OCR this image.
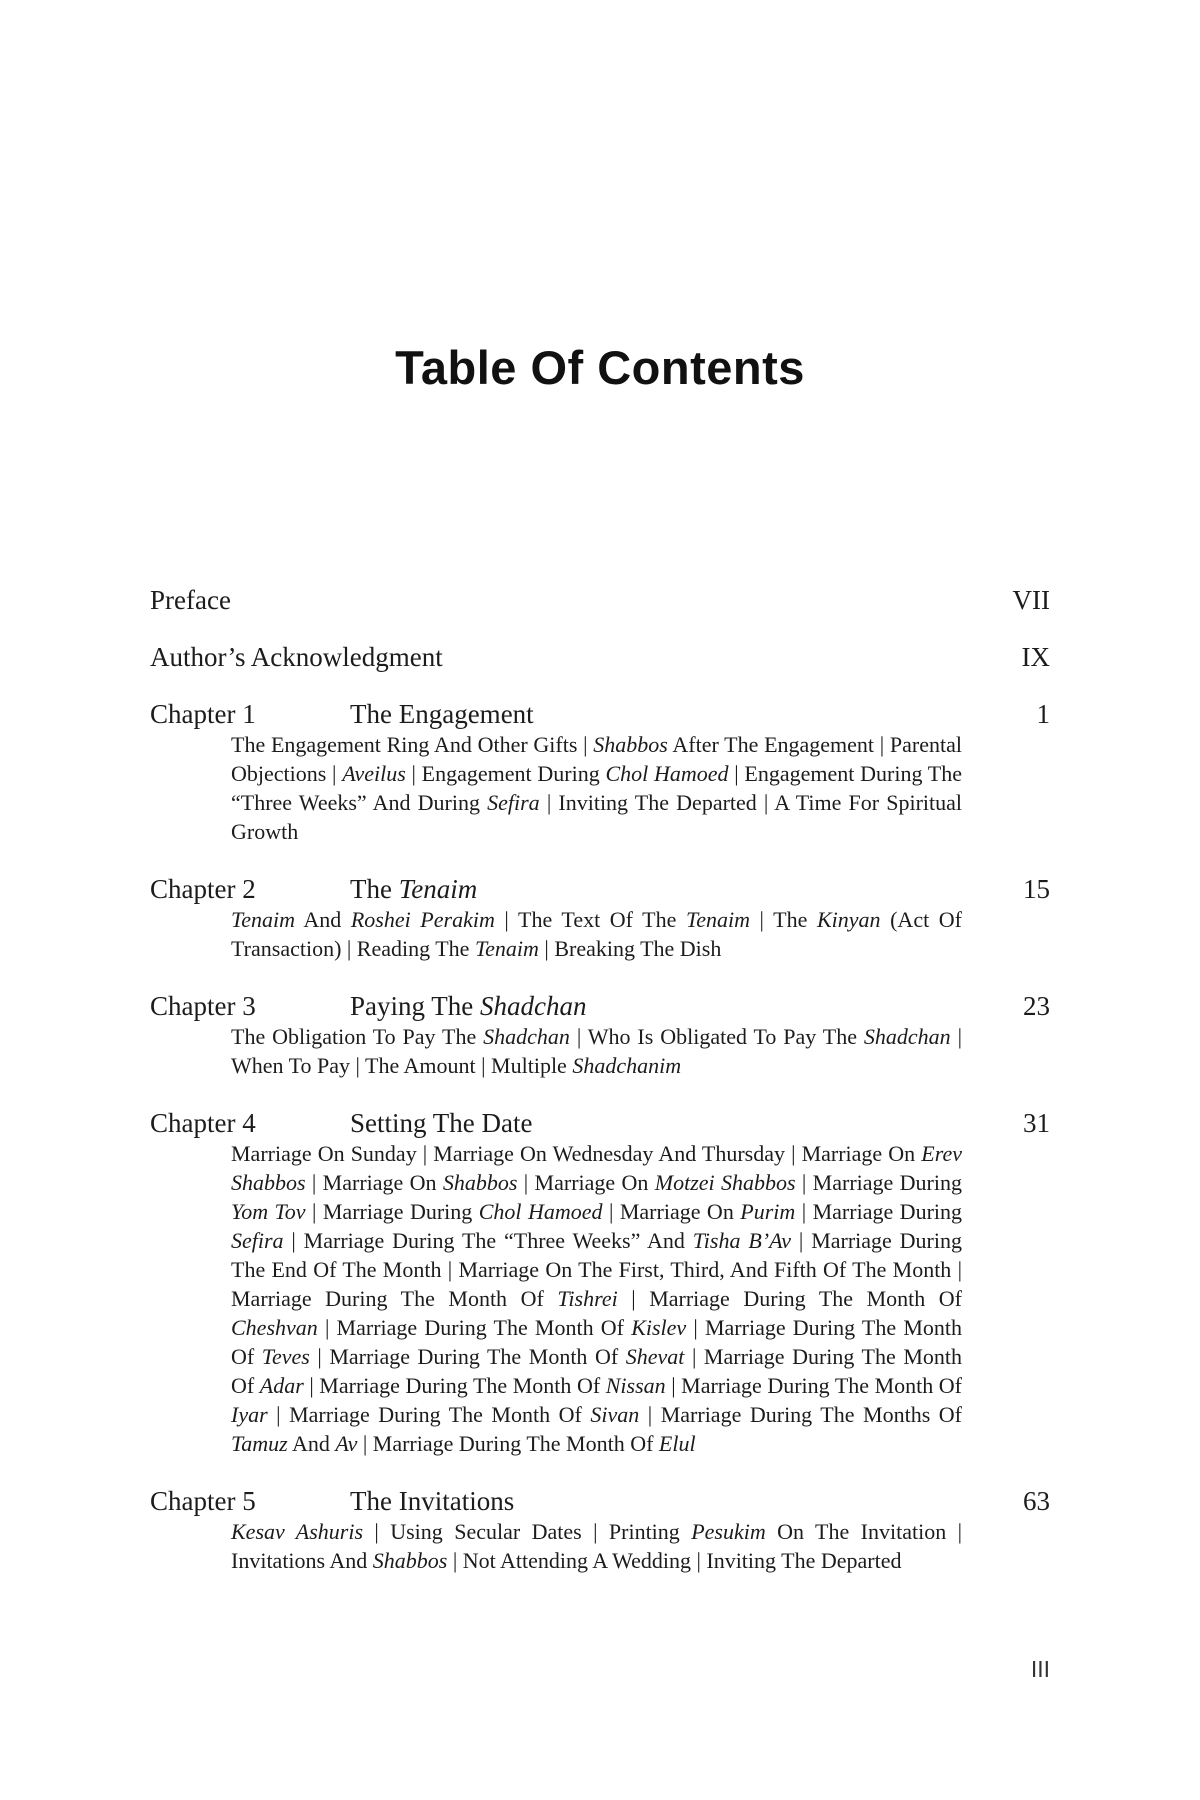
Table Of Contents
Preface	VII
Author’s Acknowledgment	IX
Chapter 1	The Engagement	1
The Engagement Ring And Other Gifts | Shabbos After The Engagement | Parental Objections | Aveilus | Engagement During Chol Hamoed | Engagement During The “Three Weeks” And During Sefira | Inviting The Departed | A Time For Spiritual Growth
Chapter 2	The Tenaim	15
Tenaim And Roshei Perakim | The Text Of The Tenaim | The Kinyan (Act Of Transaction) | Reading The Tenaim | Breaking The Dish
Chapter 3	Paying The Shadchan	23
The Obligation To Pay The Shadchan | Who Is Obligated To Pay The Shadchan | When To Pay | The Amount | Multiple Shadchanim
Chapter 4	Setting The Date	31
Marriage On Sunday | Marriage On Wednesday And Thursday | Marriage On Erev Shabbos | Marriage On Shabbos | Marriage On Motzei Shabbos | Marriage During Yom Tov | Marriage During Chol Hamoed | Marriage On Purim | Marriage During Sefira | Marriage During The “Three Weeks” And Tisha B’Av | Marriage During The End Of The Month | Marriage On The First, Third, And Fifth Of The Month | Marriage During The Month Of Tishrei | Marriage During The Month Of Cheshvan | Marriage During The Month Of Kislev | Marriage During The Month Of Teves | Marriage During The Month Of Shevat | Marriage During The Month Of Adar | Marriage During The Month Of Nissan | Marriage During The Month Of Iyar | Marriage During The Month Of Sivan | Marriage During The Months Of Tamuz And Av | Marriage During The Month Of Elul
Chapter 5	The Invitations	63
Kesav Ashuris | Using Secular Dates | Printing Pesukim On The Invitation | Invitations And Shabbos | Not Attending A Wedding | Inviting The Departed
III
